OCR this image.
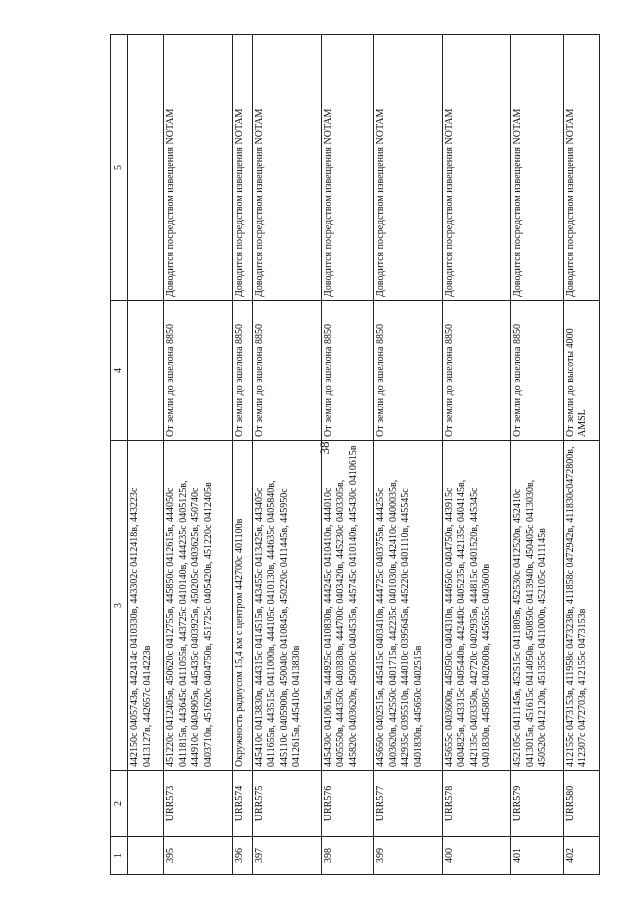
38
1	2	3	4	5
		442150с 0405743в, 442414с 0410330в, 443302с 0412418в, 443223с 0413127в, 442657с 0414223в		
395	URR573	451220с 0412405в, 450620с 0412755в, 445850с 0412615в, 444050с 0411815в, 443645с 0411055в, 443725с 0410140в, 444235с 0405125в, 444910с 0404905в, 445435с 0403925в, 450205с 0403625в, 450740с 0403710в, 451620с 0404750в, 451725с 0405420в, 451220с 0412405в	От земли до эшелона 8850	Доводится посредством извещения NOTAM
396	URR574	Окружность радиусом 15,4 км с центром 442700с 401100в	От земли до эшелона 8850	Доводится посредством извещения NOTAM
397	URR575	445410с 0413830в, 444315с 0414515в, 443455с 0413425в, 443405с 0411655в, 443515с 0411000в, 444105с 0410130в, 444635с 0405840в, 445110с 0405900в, 450040с 0410845в, 450220с 0411445в, 445950с 0412615в, 445410с 0413830в	От земли до эшелона 8850	Доводится посредством извещения NOTAM
398	URR576	445430с 0410615в, 444925с 0410830в, 444245с 0410410в, 444010с 0405550в, 444350с 0403830в, 444700с 0403420в, 445230с 0403305в, 445820с 0403620в, 450050с 0404535в, 445745с 0410140в, 445430с 0410615в	От земли до эшелона 8850	Доводится посредством извещения NOTAM
399	URR577	445650с 0402515в, 445415с 0403410в, 444725с 0403755в, 444255с 0403620в, 442550с 0401715в, 442235с 0401030в, 442410с 0400035в, 442935с 0395510в, 444010с 0395645в, 445220с 0401110в, 445545с 0401830в, 445650с 0402515в	От земли до эшелона 8850	Доводится посредством извещения NOTAM
400	URR578	445655с 0403600в, 445050с 0404310в, 444650с 0404750в, 443915с 0404825в, 443315с 0405440в, 442440с 0405235в, 442135с 0404145в, 442135с 0403350в, 442720с 0402935в, 444815с 0401520в, 445345с 0401830в, 445805с 0402600в, 445655с 0403600в	От земли до эшелона 8850	Доводится посредством извещения NOTAM
401	URR579	452105с 0411145в, 452515с 0411805в, 452530с 0412520в, 452410с 0413015в, 451615с 0414050в, 450850с 0413940в, 450405с 0413030в, 450520с 0412120в, 451355с 0411000в, 452105с 0411145в	От земли до эшелона 8850	Доводится посредством извещения NOTAM
402	URR580	412155с 0473153в, 411958с 0473238в, 411858с 0472942в, 411830с0472800в, 412307с 0472703в, 412155с 0473153в	От земли до высоты 4000 AMSL	Доводится посредством извещения NOTAM
